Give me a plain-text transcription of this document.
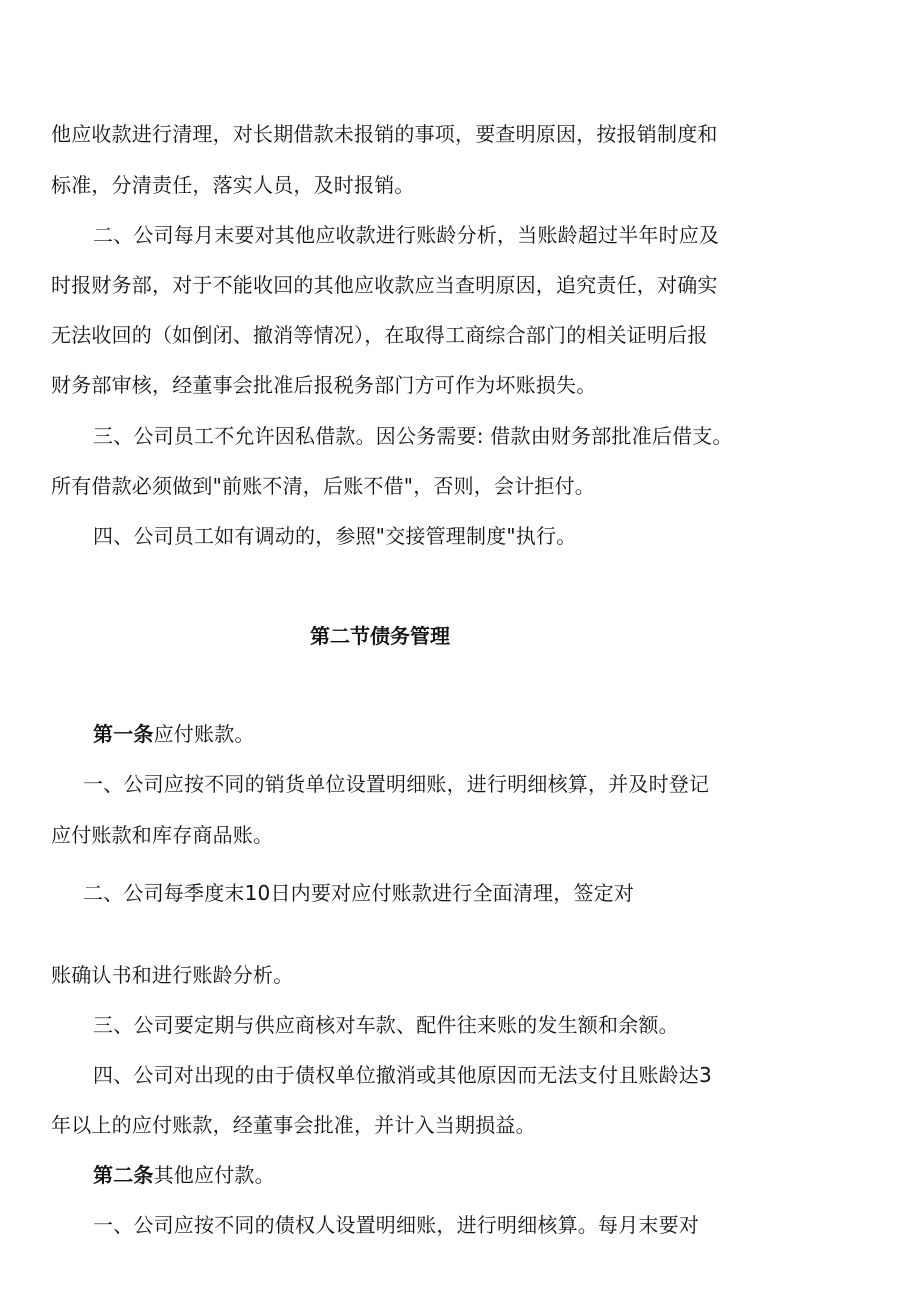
他应收款进行清理，对长期借款未报销的事项，要查明原因，按报销制度和
标准，分清责任，落实人员，及时报销。
二、公司每月末要对其他应收款进行账龄分析，当账龄超过半年时应及
时报财务部，对于不能收回的其他应收款应当查明原因，追究责任，对确实
无法收回的（如倒闭、撤消等情况），在取得工商综合部门的相关证明后报
财务部审核，经董事会批准后报税务部门方可作为坏账损失。
三、公司员工不允许因私借款。因公务需要: 借款由财务部批准后借支。
所有借款必须做到"前账不清，后账不借"，否则，会计拒付。
四、公司员工如有调动的，参照"交接管理制度"执行。
第二节债务管理
第一条应付账款。
一、公司应按不同的销货单位设置明细账，进行明细核算，并及时登记
应付账款和库存商品账。
二、公司每季度末10日内要对应付账款进行全面清理，签定对
账确认书和进行账龄分析。
三、公司要定期与供应商核对车款、配件往来账的发生额和余额。
四、公司对出现的由于债权单位撤消或其他原因而无法支付且账龄达3
年以上的应付账款，经董事会批准，并计入当期损益。
第二条其他应付款。
一、公司应按不同的债权人设置明细账，进行明细核算。每月末要对
